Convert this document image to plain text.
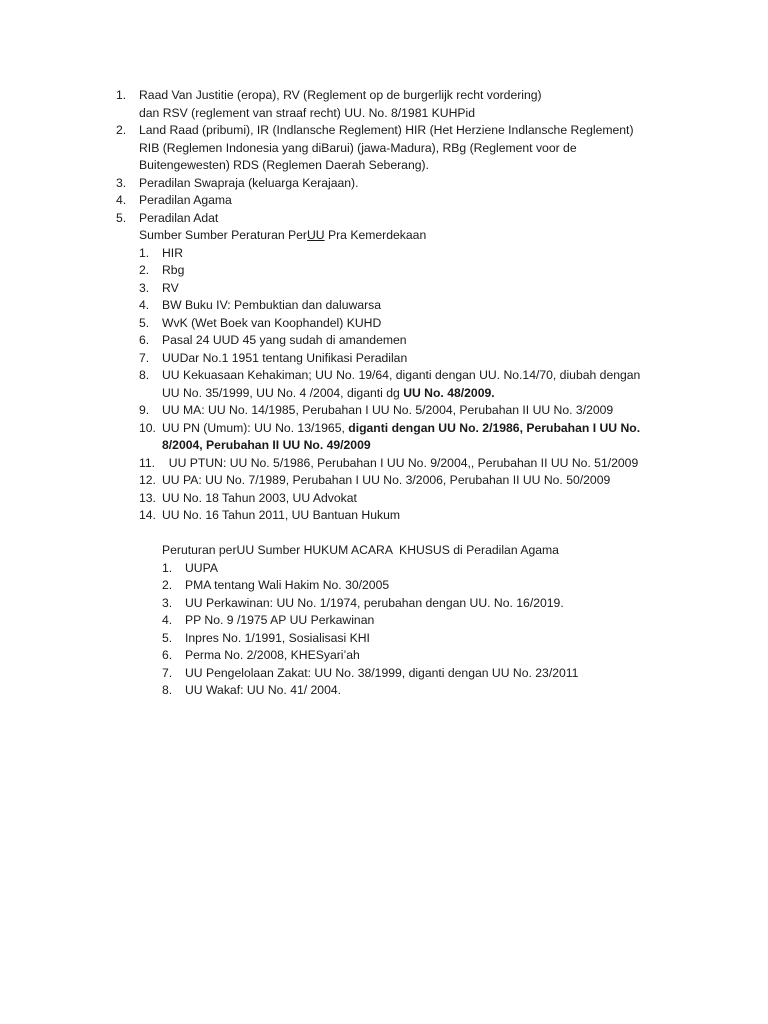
1. Raad Van Justitie (eropa), RV (Reglement op de burgerlijk recht vordering)
dan RSV (reglement van straaf recht) UU. No. 8/1981 KUHPid
2. Land Raad (pribumi), IR (Indlansche Reglement) HIR (Het Herziene Indlansche Reglement)
RIB (Reglemen Indonesia yang diBarui) (jawa-Madura), RBg (Reglement voor de
Buitengewesten) RDS (Reglemen Daerah Seberang).
3. Peradilan Swapraja (keluarga Kerajaan).
4. Peradilan Agama
5. Peradilan Adat
Sumber Sumber Peraturan PerUU Pra Kemerdekaan
1. HIR
2. Rbg
3. RV
4. BW Buku IV: Pembuktian dan daluwarsa
5. WvK (Wet Boek van Koophandel) KUHD
6. Pasal 24 UUD 45 yang sudah di amandemen
7. UUDar No.1 1951 tentang Unifikasi Peradilan
8. UU Kekuasaan Kehakiman; UU No. 19/64, diganti dengan UU. No.14/70, diubah dengan
UU No. 35/1999, UU No. 4 /2004, diganti dg UU No. 48/2009.
9. UU MA: UU No. 14/1985, Perubahan I UU No. 5/2004, Perubahan II UU No. 3/2009
10. UU PN (Umum): UU No. 13/1965, diganti dengan UU No. 2/1986, Perubahan I UU No.
8/2004, Perubahan II UU No. 49/2009
11. UU PTUN: UU No. 5/1986, Perubahan I UU No. 9/2004,, Perubahan II UU No. 51/2009
12. UU PA: UU No. 7/1989, Perubahan I UU No. 3/2006, Perubahan II UU No. 50/2009
13. UU No. 18 Tahun 2003, UU Advokat
14. UU No. 16 Tahun 2011, UU Bantuan Hukum
Peruturan perUU Sumber HUKUM ACARA  KHUSUS di Peradilan Agama
1. UUPA
2. PMA tentang Wali Hakim No. 30/2005
3. UU Perkawinan: UU No. 1/1974, perubahan dengan UU. No. 16/2019.
4. PP No. 9 /1975 AP UU Perkawinan
5. Inpres No. 1/1991, Sosialisasi KHI
6. Perma No. 2/2008, KHESyari’ah
7. UU Pengelolaan Zakat: UU No. 38/1999, diganti dengan UU No. 23/2011
8. UU Wakaf: UU No. 41/ 2004.
